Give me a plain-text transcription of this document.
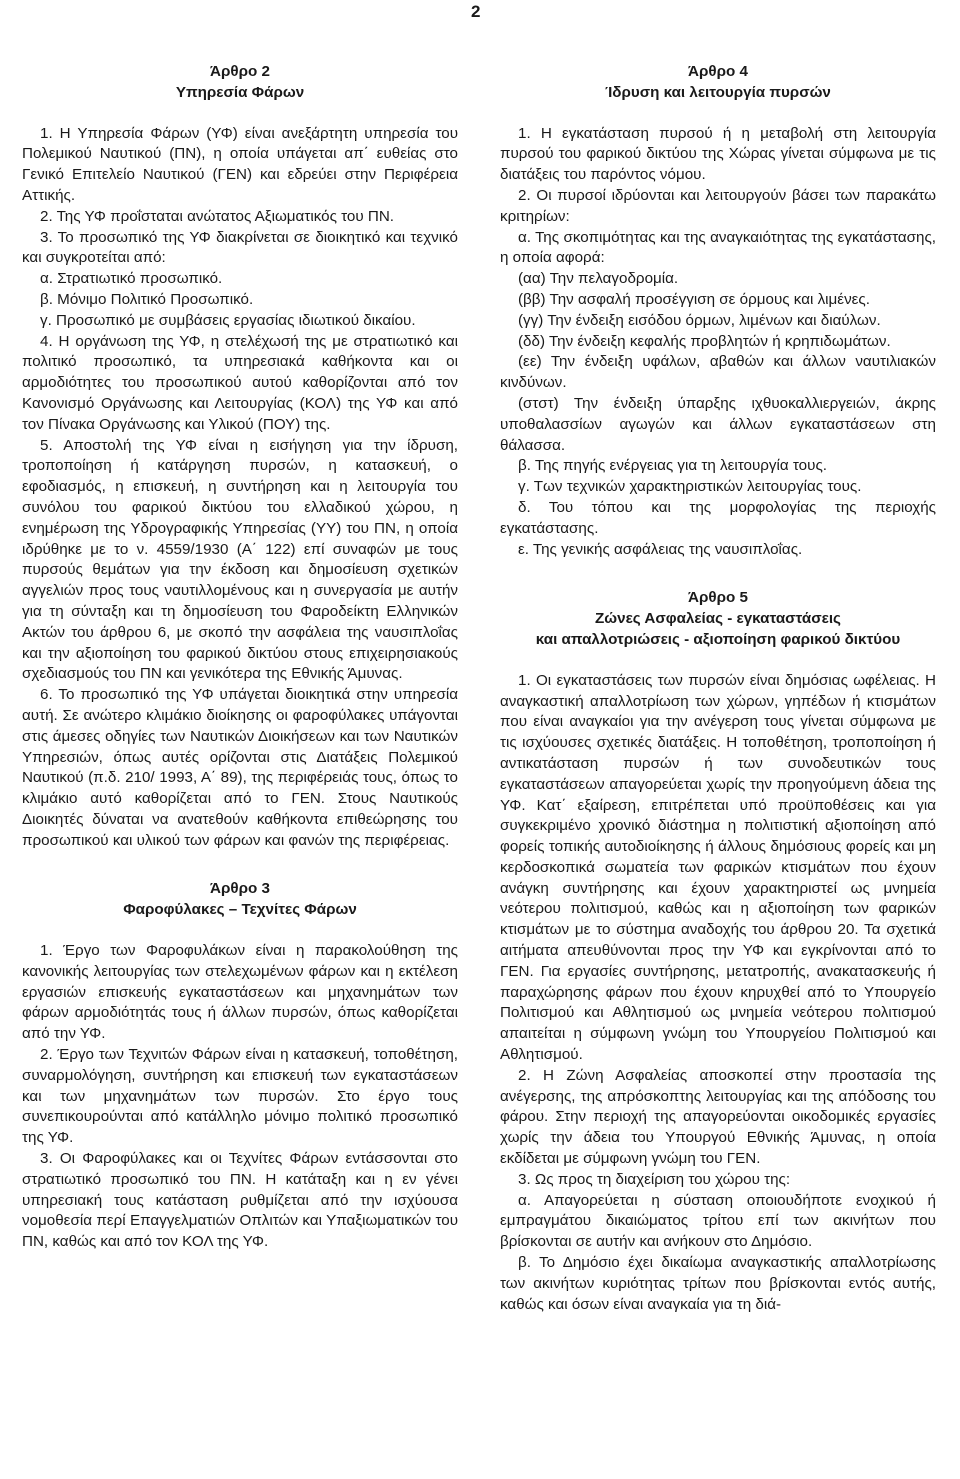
2

Άρθρο 2

Υπηρεσία Φάρων

1. Η Υπηρεσία Φάρων (ΥΦ) είναι ανεξάρτητη υπηρεσία του Πολεμικού Ναυτικού (ΠΝ), η οποία υπάγεται απ΄ ευθείας στο Γενικό Επιτελείο Ναυτικού (ΓΕΝ) και εδρεύει στην Περιφέρεια Αττικής.

2. Της ΥΦ προΐσταται ανώτατος Αξιωματικός του ΠΝ.

3. Το προσωπικό της ΥΦ διακρίνεται σε διοικητικό και τεχνικό και συγκροτείται από:

α. Στρατιωτικό προσωπικό.

β. Μόνιμο Πολιτικό Προσωπικό.

γ. Προσωπικό με συμβάσεις εργασίας ιδιωτικού δικαίου.

4. Η οργάνωση της ΥΦ, η στελέχωσή της με στρατιωτικό και πολιτικό προσωπικό, τα υπηρεσιακά καθήκοντα και οι αρμοδιότητες του προσωπικού αυτού καθορίζονται από τον Κανονισμό Οργάνωσης και Λειτουργίας (ΚΟΛ) της ΥΦ και από τον Πίνακα Οργάνωσης και Υλικού (ΠΟΥ) της.

5. Αποστολή της ΥΦ είναι η εισήγηση για την ίδρυση, τροποποίηση ή κατάργηση πυρσών, η κατασκευή, ο εφοδιασμός, η επισκευή, η συντήρηση και η λειτουργία του συνόλου του φαρικού δικτύου του ελλαδικού χώρου, η ενημέρωση της Υδρογραφικής Υπηρεσίας (ΥΥ) του ΠΝ, η οποία ιδρύθηκε με το ν. 4559/1930 (Α΄ 122) επί συναφών με τους πυρσούς θεμάτων για την έκδοση και δημοσίευση σχετικών αγγελιών προς τους ναυτιλλομένους και η συνεργασία με αυτήν για τη σύνταξη και τη δημοσίευση του Φαροδείκτη Ελληνικών Ακτών του άρθρου 6, με σκοπό την ασφάλεια της ναυσιπλοΐας και την αξιοποίηση του φαρικού δικτύου στους επιχειρησιακούς σχεδιασμούς του ΠΝ και γενικότερα της Εθνικής Άμυνας.

6. Το προσωπικό της ΥΦ υπάγεται διοικητικά στην υπηρεσία αυτή. Σε ανώτερο κλιμάκιο διοίκησης οι φαροφύλακες υπάγονται στις άμεσες οδηγίες των Ναυτικών Διοικήσεων και των Ναυτικών Υπηρεσιών, όπως αυτές ορίζονται στις Διατάξεις Πολεμικού Ναυτικού (π.δ. 210/ 1993, Α΄ 89), της περιφέρειάς τους, όπως το κλιμάκιο αυτό καθορίζεται από το ΓΕΝ. Στους Ναυτικούς Διοικητές δύναται να ανατεθούν καθήκοντα επιθεώρησης του προσωπικού και υλικού των φάρων και φανών της περιφέρειας.

Άρθρο 3

Φαροφύλακες – Τεχνίτες Φάρων

1. Έργο των Φαροφυλάκων είναι η παρακολούθηση της κανονικής λειτουργίας των στελεχωμένων φάρων και η εκτέλεση εργασιών επισκευής εγκαταστάσεων και μηχανημάτων των φάρων αρμοδιότητάς τους ή άλλων πυρσών, όπως καθορίζεται από την ΥΦ.

2. Έργο των Τεχνιτών Φάρων είναι η κατασκευή, τοποθέτηση, συναρμολόγηση, συντήρηση και επισκευή των εγκαταστάσεων και των μηχανημάτων των πυρσών. Στο έργο τους συνεπικουρούνται από κατάλληλο μόνιμο πολιτικό προσωπικό της ΥΦ.

3. Οι Φαροφύλακες και οι Τεχνίτες Φάρων εντάσσονται στο στρατιωτικό προσωπικό του ΠΝ. Η κατάταξη και η εν γένει υπηρεσιακή τους κατάσταση ρυθμίζεται από την ισχύουσα νομοθεσία περί Επαγγελματιών Οπλιτών και Υπαξιωματικών του ΠΝ, καθώς και από τον ΚΟΛ της ΥΦ.

Άρθρο 4

Ίδρυση και λειτουργία πυρσών

1. Η εγκατάσταση πυρσού ή η μεταβολή στη λειτουργία πυρσού του φαρικού δικτύου της Χώρας γίνεται σύμφωνα με τις διατάξεις του παρόντος νόμου.

2. Οι πυρσοί ιδρύονται και λειτουργούν βάσει των παρακάτω κριτηρίων:

α. Της σκοπιμότητας και της αναγκαιότητας της εγκατάστασης, η οποία αφορά:

(αα) Την πελαγοδρομία.

(ββ) Την ασφαλή προσέγγιση σε όρμους και λιμένες.

(γγ) Την ένδειξη εισόδου όρμων, λιμένων και διαύλων.

(δδ) Την ένδειξη κεφαλής προβλητών ή κρηπιδωμάτων.

(εε) Την ένδειξη υφάλων, αβαθών και άλλων ναυτιλιακών κινδύνων.

(στστ) Την ένδειξη ύπαρξης ιχθυοκαλλιεργειών, άκρης υποθαλασσίων αγωγών και άλλων εγκαταστάσεων στη θάλασσα.

β. Της πηγής ενέργειας για τη λειτουργία τους.

γ. Των τεχνικών χαρακτηριστικών λειτουργίας τους.

δ. Του τόπου και της μορφολογίας της περιοχής εγκατάστασης.

ε. Της γενικής ασφάλειας της ναυσιπλοΐας.

Άρθρο 5

Ζώνες Ασφαλείας - εγκαταστάσεις

και απαλλοτριώσεις - αξιοποίηση φαρικού δικτύου

1. Οι εγκαταστάσεις των πυρσών είναι δημόσιας ωφέλειας. Η αναγκαστική απαλλοτρίωση των χώρων, γηπέδων ή κτισμάτων που είναι αναγκαίοι για την ανέγερση τους γίνεται σύμφωνα με τις ισχύουσες σχετικές διατάξεις. Η τοποθέτηση, τροποποίηση ή αντικατάσταση πυρσών ή των συνοδευτικών τους εγκαταστάσεων απαγορεύεται χωρίς την προηγούμενη άδεια της ΥΦ. Κατ΄ εξαίρεση, επιτρέπεται υπό προϋποθέσεις και για συγκεκριμένο χρονικό διάστημα η πολιτιστική αξιοποίηση από φορείς τοπικής αυτοδιοίκησης ή άλλους δημόσιους φορείς και μη κερδοσκοπικά σωματεία των φαρικών κτισμάτων που έχουν ανάγκη συντήρησης και έχουν χαρακτηριστεί ως μνημεία νεότερου πολιτισμού, καθώς και η αξιοποίηση των φαρικών κτισμάτων με το σύστημα αναδοχής του άρθρου 20. Τα σχετικά αιτήματα απευθύνονται προς την ΥΦ και εγκρίνονται από το ΓΕΝ. Για εργασίες συντήρησης, μετατροπής, ανακατασκευής ή παραχώρησης φάρων που έχουν κηρυχθεί από το Υπουργείο Πολιτισμού και Αθλητισμού ως μνημεία νεότερου πολιτισμού απαιτείται η σύμφωνη γνώμη του Υπουργείου Πολιτισμού και Αθλητισμού.

2. Η Ζώνη Ασφαλείας αποσκοπεί στην προστασία της ανέγερσης, της απρόσκοπτης λειτουργίας και της απόδοσης του φάρου. Στην περιοχή της απαγορεύονται οικοδομικές εργασίες χωρίς την άδεια του Υπουργού Εθνικής Άμυνας, η οποία εκδίδεται με σύμφωνη γνώμη του ΓΕΝ.

3. Ως προς τη διαχείριση του χώρου της:

α. Απαγορεύεται η σύσταση οποιουδήποτε ενοχικού ή εμπραγμάτου δικαιώματος τρίτου επί των ακινήτων που βρίσκονται σε αυτήν και ανήκουν στο Δημόσιο.

β. Το Δημόσιο έχει δικαίωμα αναγκαστικής απαλλοτρίωσης των ακινήτων κυριότητας τρίτων που βρίσκονται εντός αυτής, καθώς και όσων είναι αναγκαία για τη διά-
